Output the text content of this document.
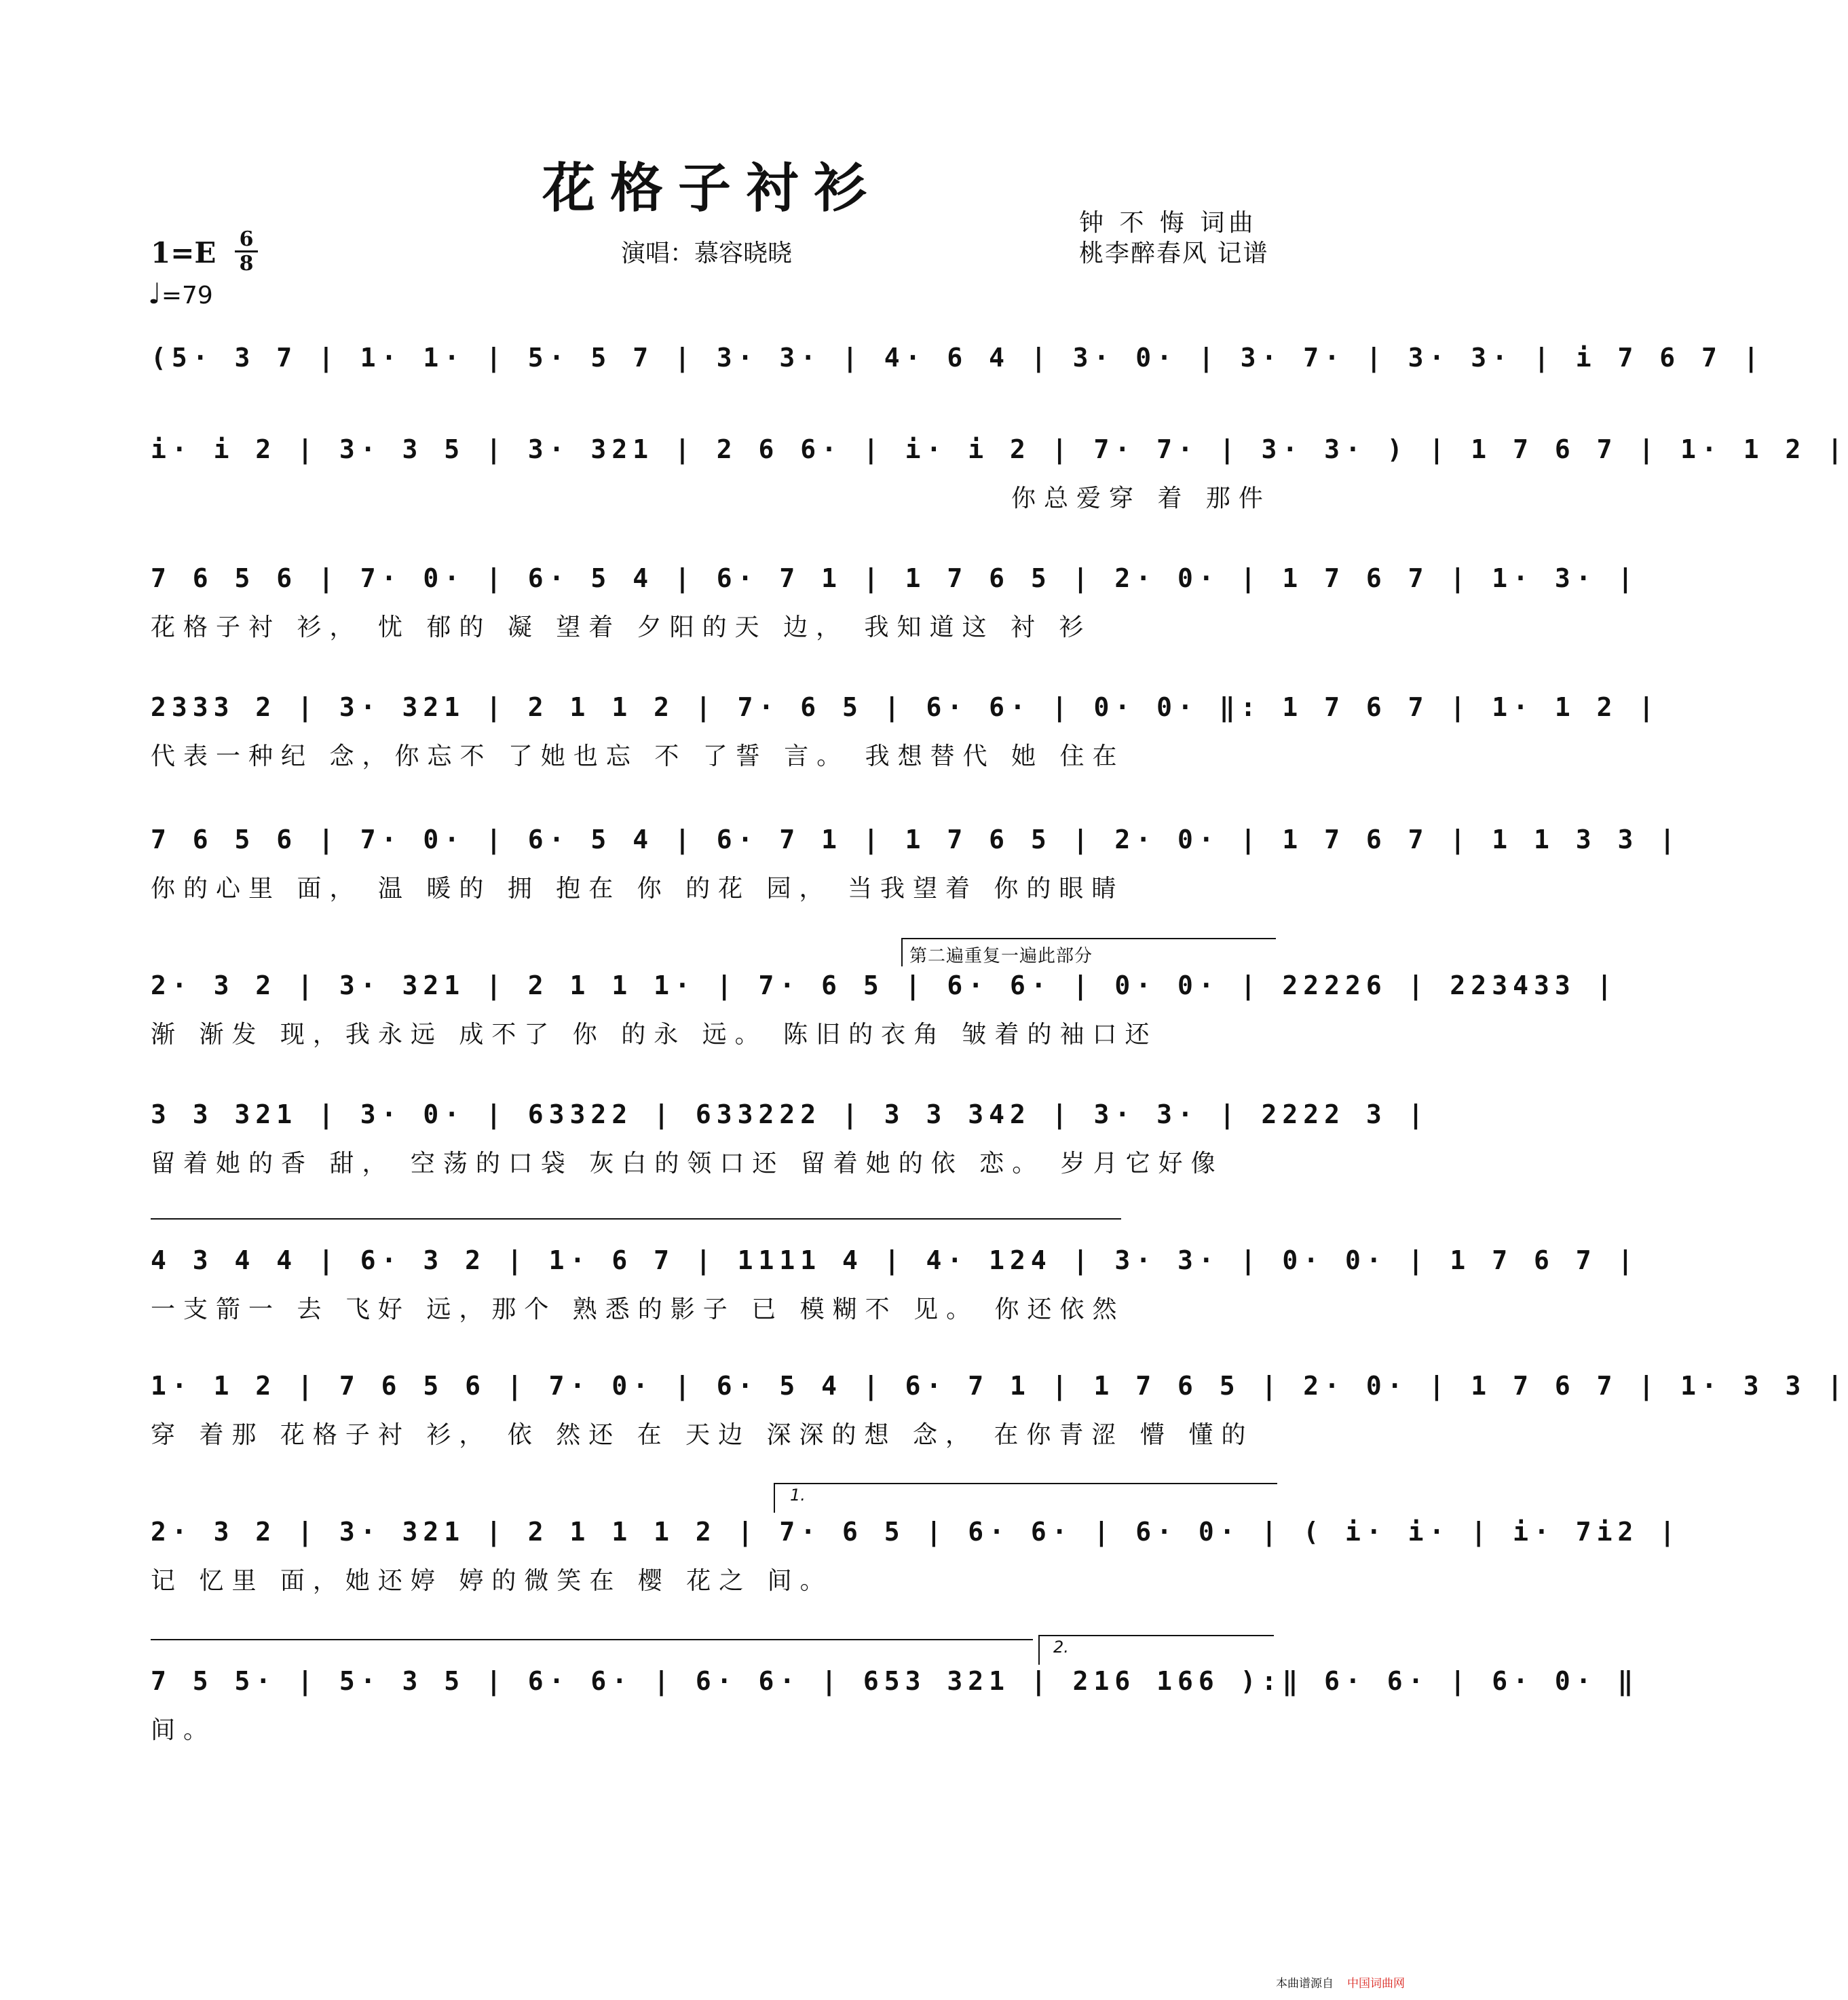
花格子衬衫
1=E 6
8
♩=79
演唱：慕容晓晓
钟 不 悔 词曲
桃李醉春风 记谱
(5· 3 7 | 1· 1· | 5· 5 7 | 3· 3· | 4· 6 4 | 3· 0· | 3· 7· | 3· 3· | i 7 6 7 |
i· i 2 | 3· 3 5 | 3· 321 | 2 6 6· | i· i 2 | 7· 7· | 3· 3· ) | 1 7 6 7 | 1· 1 2 |
你总爱穿 着 那件
7 6 5 6 | 7· 0· | 6· 5 4 | 6· 7 1 | 1 7 6 5 | 2· 0· | 1 7 6 7 | 1· 3· |
花格子衬 衫， 忧 郁的 凝 望着 夕阳的天 边， 我知道这 衬 衫
2333 2 | 3· 321 | 2 1 1 2 | 7· 6 5 | 6· 6· | 0· 0· ‖: 1 7 6 7 | 1· 1 2 |
代表一种纪 念，你忘不 了她也忘 不 了誓 言。 我想替代 她 住在
7 6 5 6 | 7· 0· | 6· 5 4 | 6· 7 1 | 1 7 6 5 | 2· 0· | 1 7 6 7 | 1 1 3 3 |
你的心里 面， 温 暖的 拥 抱在 你 的花 园， 当我望着 你的眼睛
第二遍重复一遍此部分
2· 3 2 | 3· 321 | 2 1 1 1· | 7· 6 5 | 6· 6· | 0· 0· | 22226 | 223433 |
渐 渐发 现，我永远 成不了 你 的永 远。 陈旧的衣角 皱着的袖口还
3 3 321 | 3· 0· | 63322 | 633222 | 3 3 342 | 3· 3· | 2222 3 |
留着她的香 甜， 空荡的口袋 灰白的领口还 留着她的依 恋。 岁月它好像
4 3 4 4 | 6· 3 2 | 1· 6 7 | 1111 4 | 4· 124 | 3· 3· | 0· 0· | 1 7 6 7 |
一支箭一 去 飞好 远，那个 熟悉的影子 已 模糊不 见。 你还依然
1· 1 2 | 7 6 5 6 | 7· 0· | 6· 5 4 | 6· 7 1 | 1 7 6 5 | 2· 0· | 1 7 6 7 | 1· 3 3 |
穿 着那 花格子衬 衫， 依 然还 在 天边 深深的想 念， 在你青涩 懵 懂的
1.
2· 3 2 | 3· 321 | 2 1 1 1 2 | 7· 6 5 | 6· 6· | 6· 0· | ( i· i· | i· 7i2 |
记 忆里 面，她还婷 婷的微笑在 樱 花之 间。
2.
7 5 5· | 5· 3 5 | 6· 6· | 6· 6· | 653 321 | 216 166 ):‖ 6· 6· | 6· 0· ‖
间。
本曲谱源自 中国词曲网
